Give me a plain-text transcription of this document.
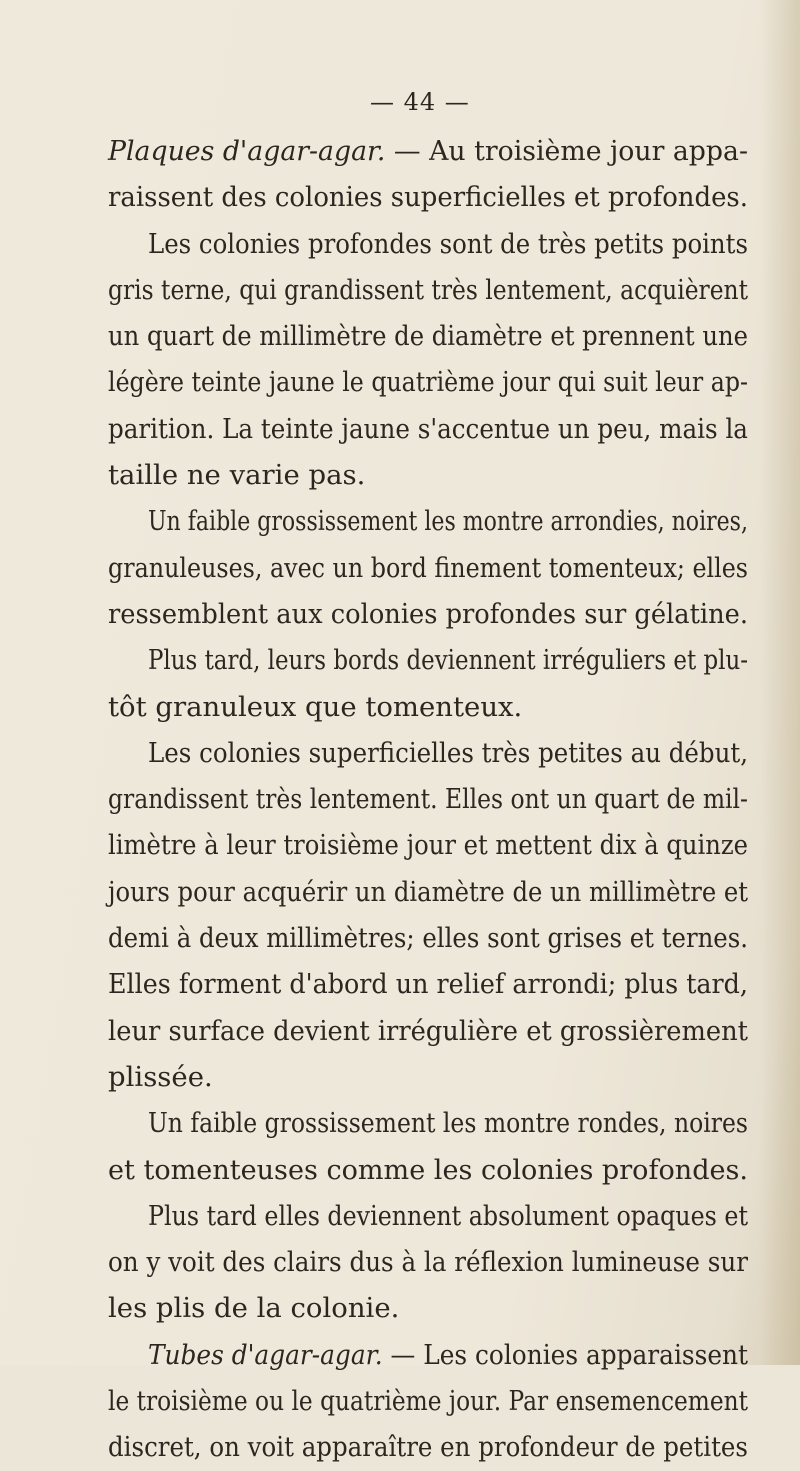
— 44 —
Plaques d'agar-agar. — Au troisième jour appa-
raissent des colonies superficielles et profondes.
Les colonies profondes sont de très petits points
gris terne, qui grandissent très lentement, acquièrent
un quart de millimètre de diamètre et prennent une
légère teinte jaune le quatrième jour qui suit leur ap-
parition. La teinte jaune s'accentue un peu, mais la
taille ne varie pas.
Un faible grossissement les montre arrondies, noires,
granuleuses, avec un bord finement tomenteux; elles
ressemblent aux colonies profondes sur gélatine.
Plus tard, leurs bords deviennent irréguliers et plu-
tôt granuleux que tomenteux.
Les colonies superficielles très petites au début,
grandissent très lentement. Elles ont un quart de mil-
limètre à leur troisième jour et mettent dix à quinze
jours pour acquérir un diamètre de un millimètre et
demi à deux millimètres; elles sont grises et ternes.
Elles forment d'abord un relief arrondi; plus tard,
leur surface devient irrégulière et grossièrement
plissée.
Un faible grossissement les montre rondes, noires
et tomenteuses comme les colonies profondes.
Plus tard elles deviennent absolument opaques et
on y voit des clairs dus à la réflexion lumineuse sur
les plis de la colonie.
Tubes d'agar-agar. — Les colonies apparaissent
le troisième ou le quatrième jour. Par ensemencement
discret, on voit apparaître en profondeur de petites
